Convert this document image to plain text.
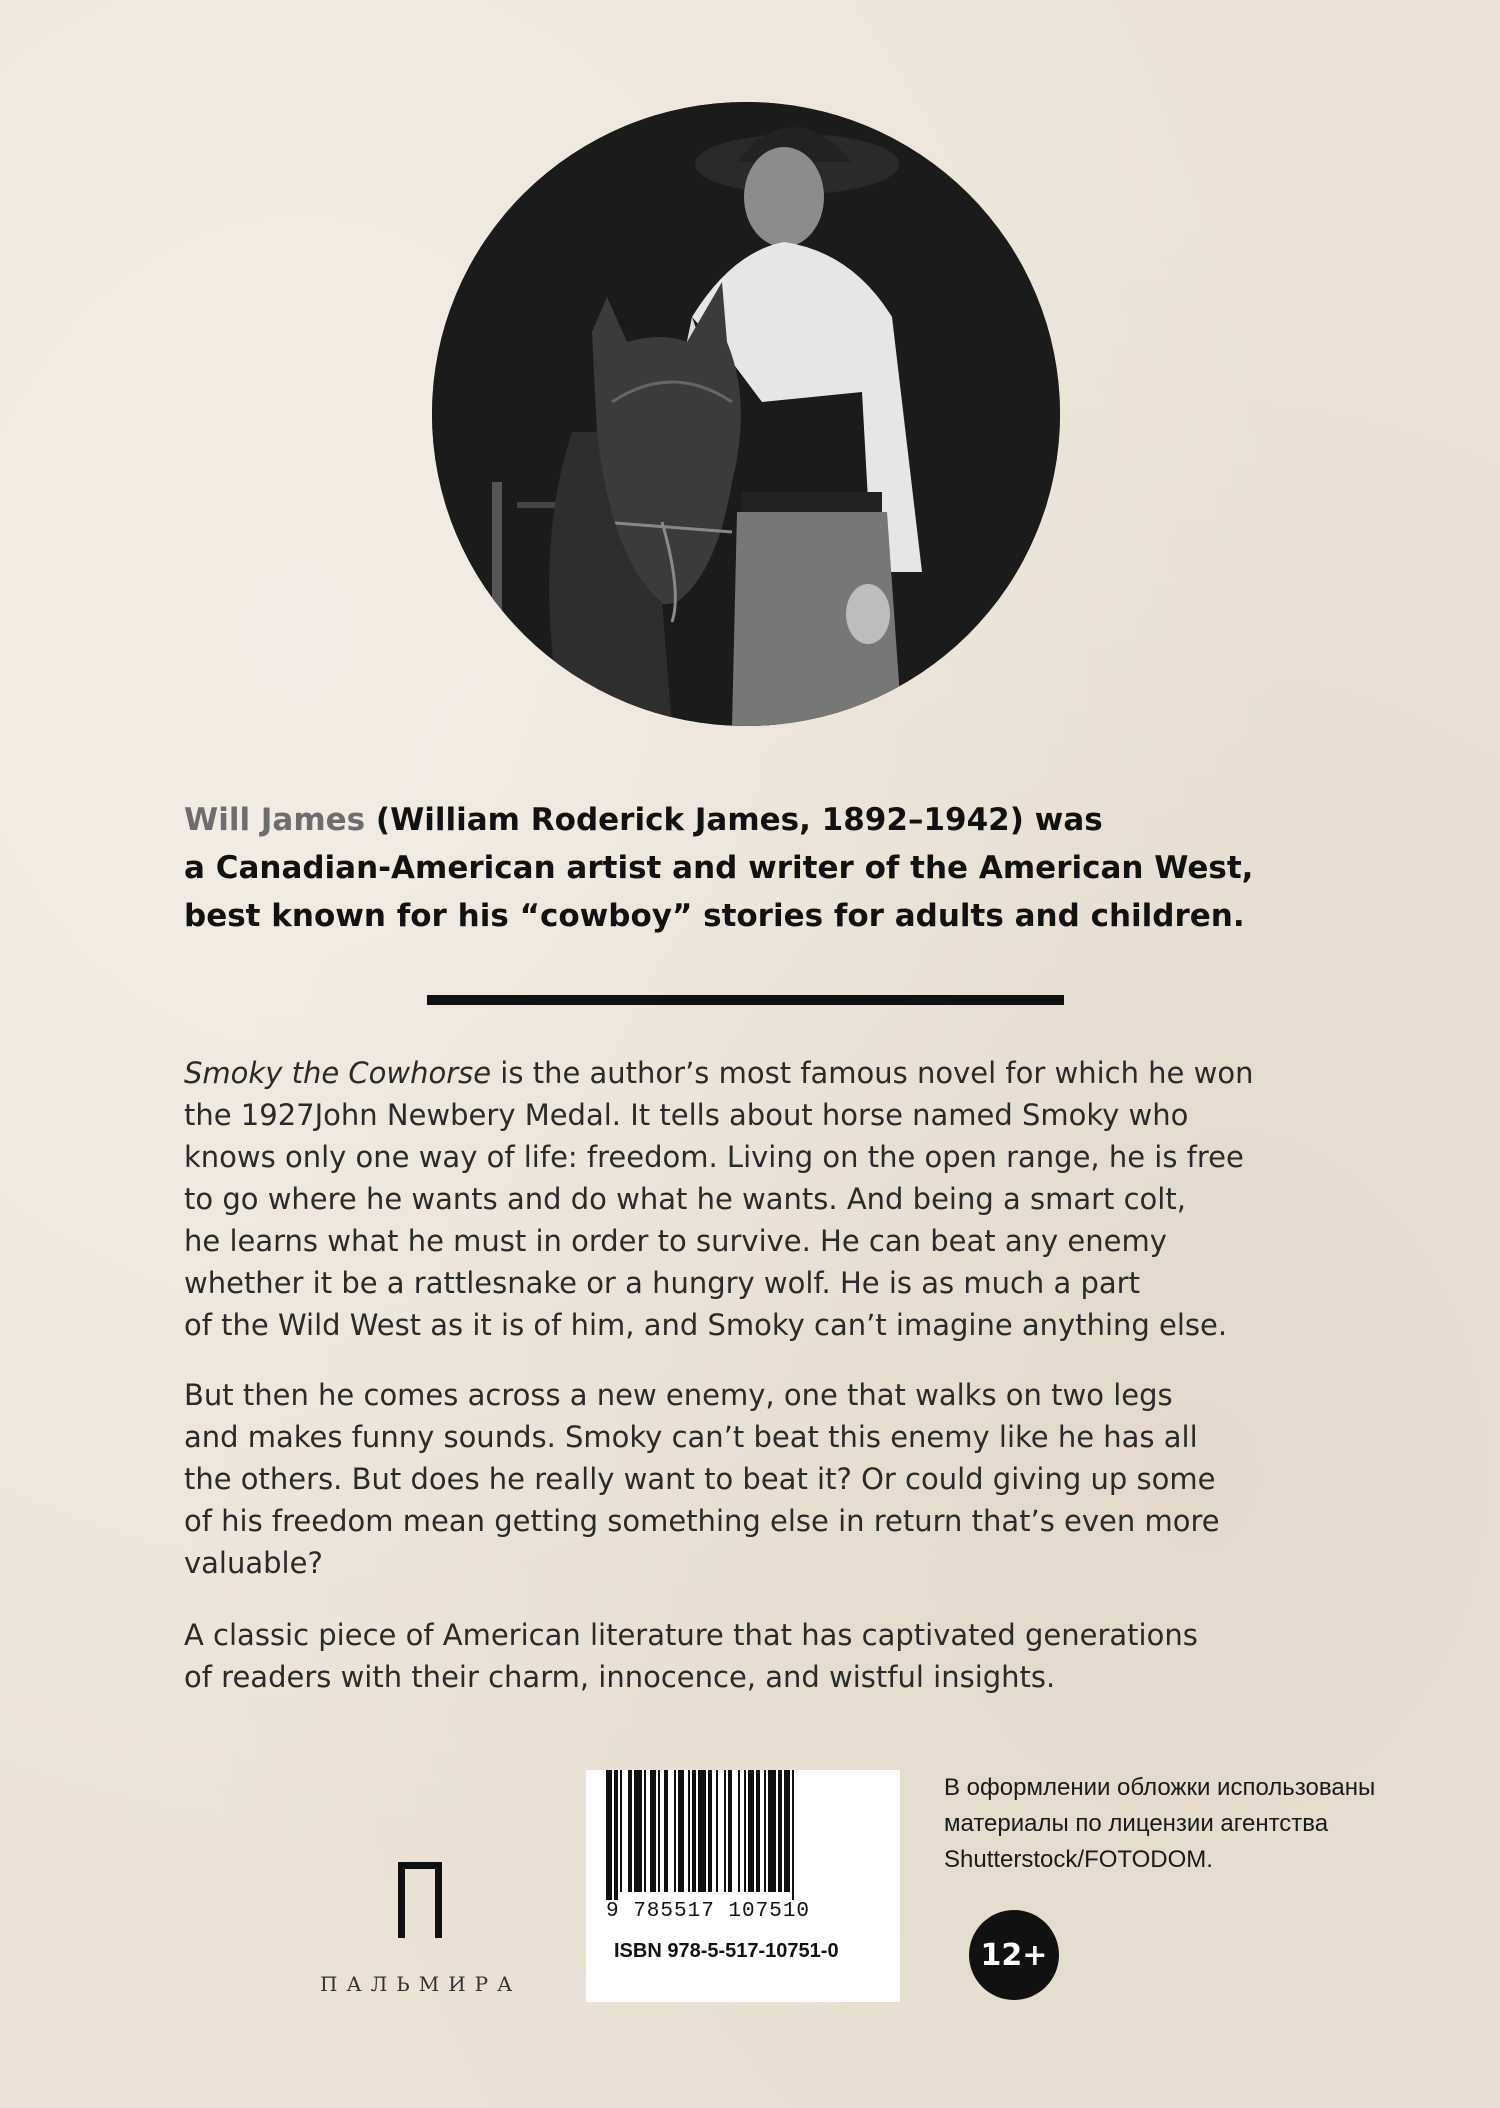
Will James (William Roderick James, 1892–1942) was
a Canadian-American artist and writer of the American West,
best known for his “cowboy” stories for adults and children.
Smoky the Cowhorse is the author’s most famous novel for which he won
the 1927John Newbery Medal. It tells about horse named Smoky who
knows only one way of life: freedom. Living on the open range, he is free
to go where he wants and do what he wants. And being a smart colt,
he learns what he must in order to survive. He can beat any enemy
whether it be a rattlesnake or a hungry wolf. He is as much a part
of the Wild West as it is of him, and Smoky can’t imagine anything else.
But then he comes across a new enemy, one that walks on two legs
and makes funny sounds. Smoky can’t beat this enemy like he has all
the others. But does he really want to beat it? Or could giving up some
of his freedom mean getting something else in return that’s even more
valuable?
A classic piece of American literature that has captivated generations
of readers with their charm, innocence, and wistful insights.
ПАЛЬМИРА
9 785517 107510
ISBN 978-5-517-10751-0
В оформлении обложки использованы
материалы по лицензии агентства
Shutterstock/FOTODOM.
12+
